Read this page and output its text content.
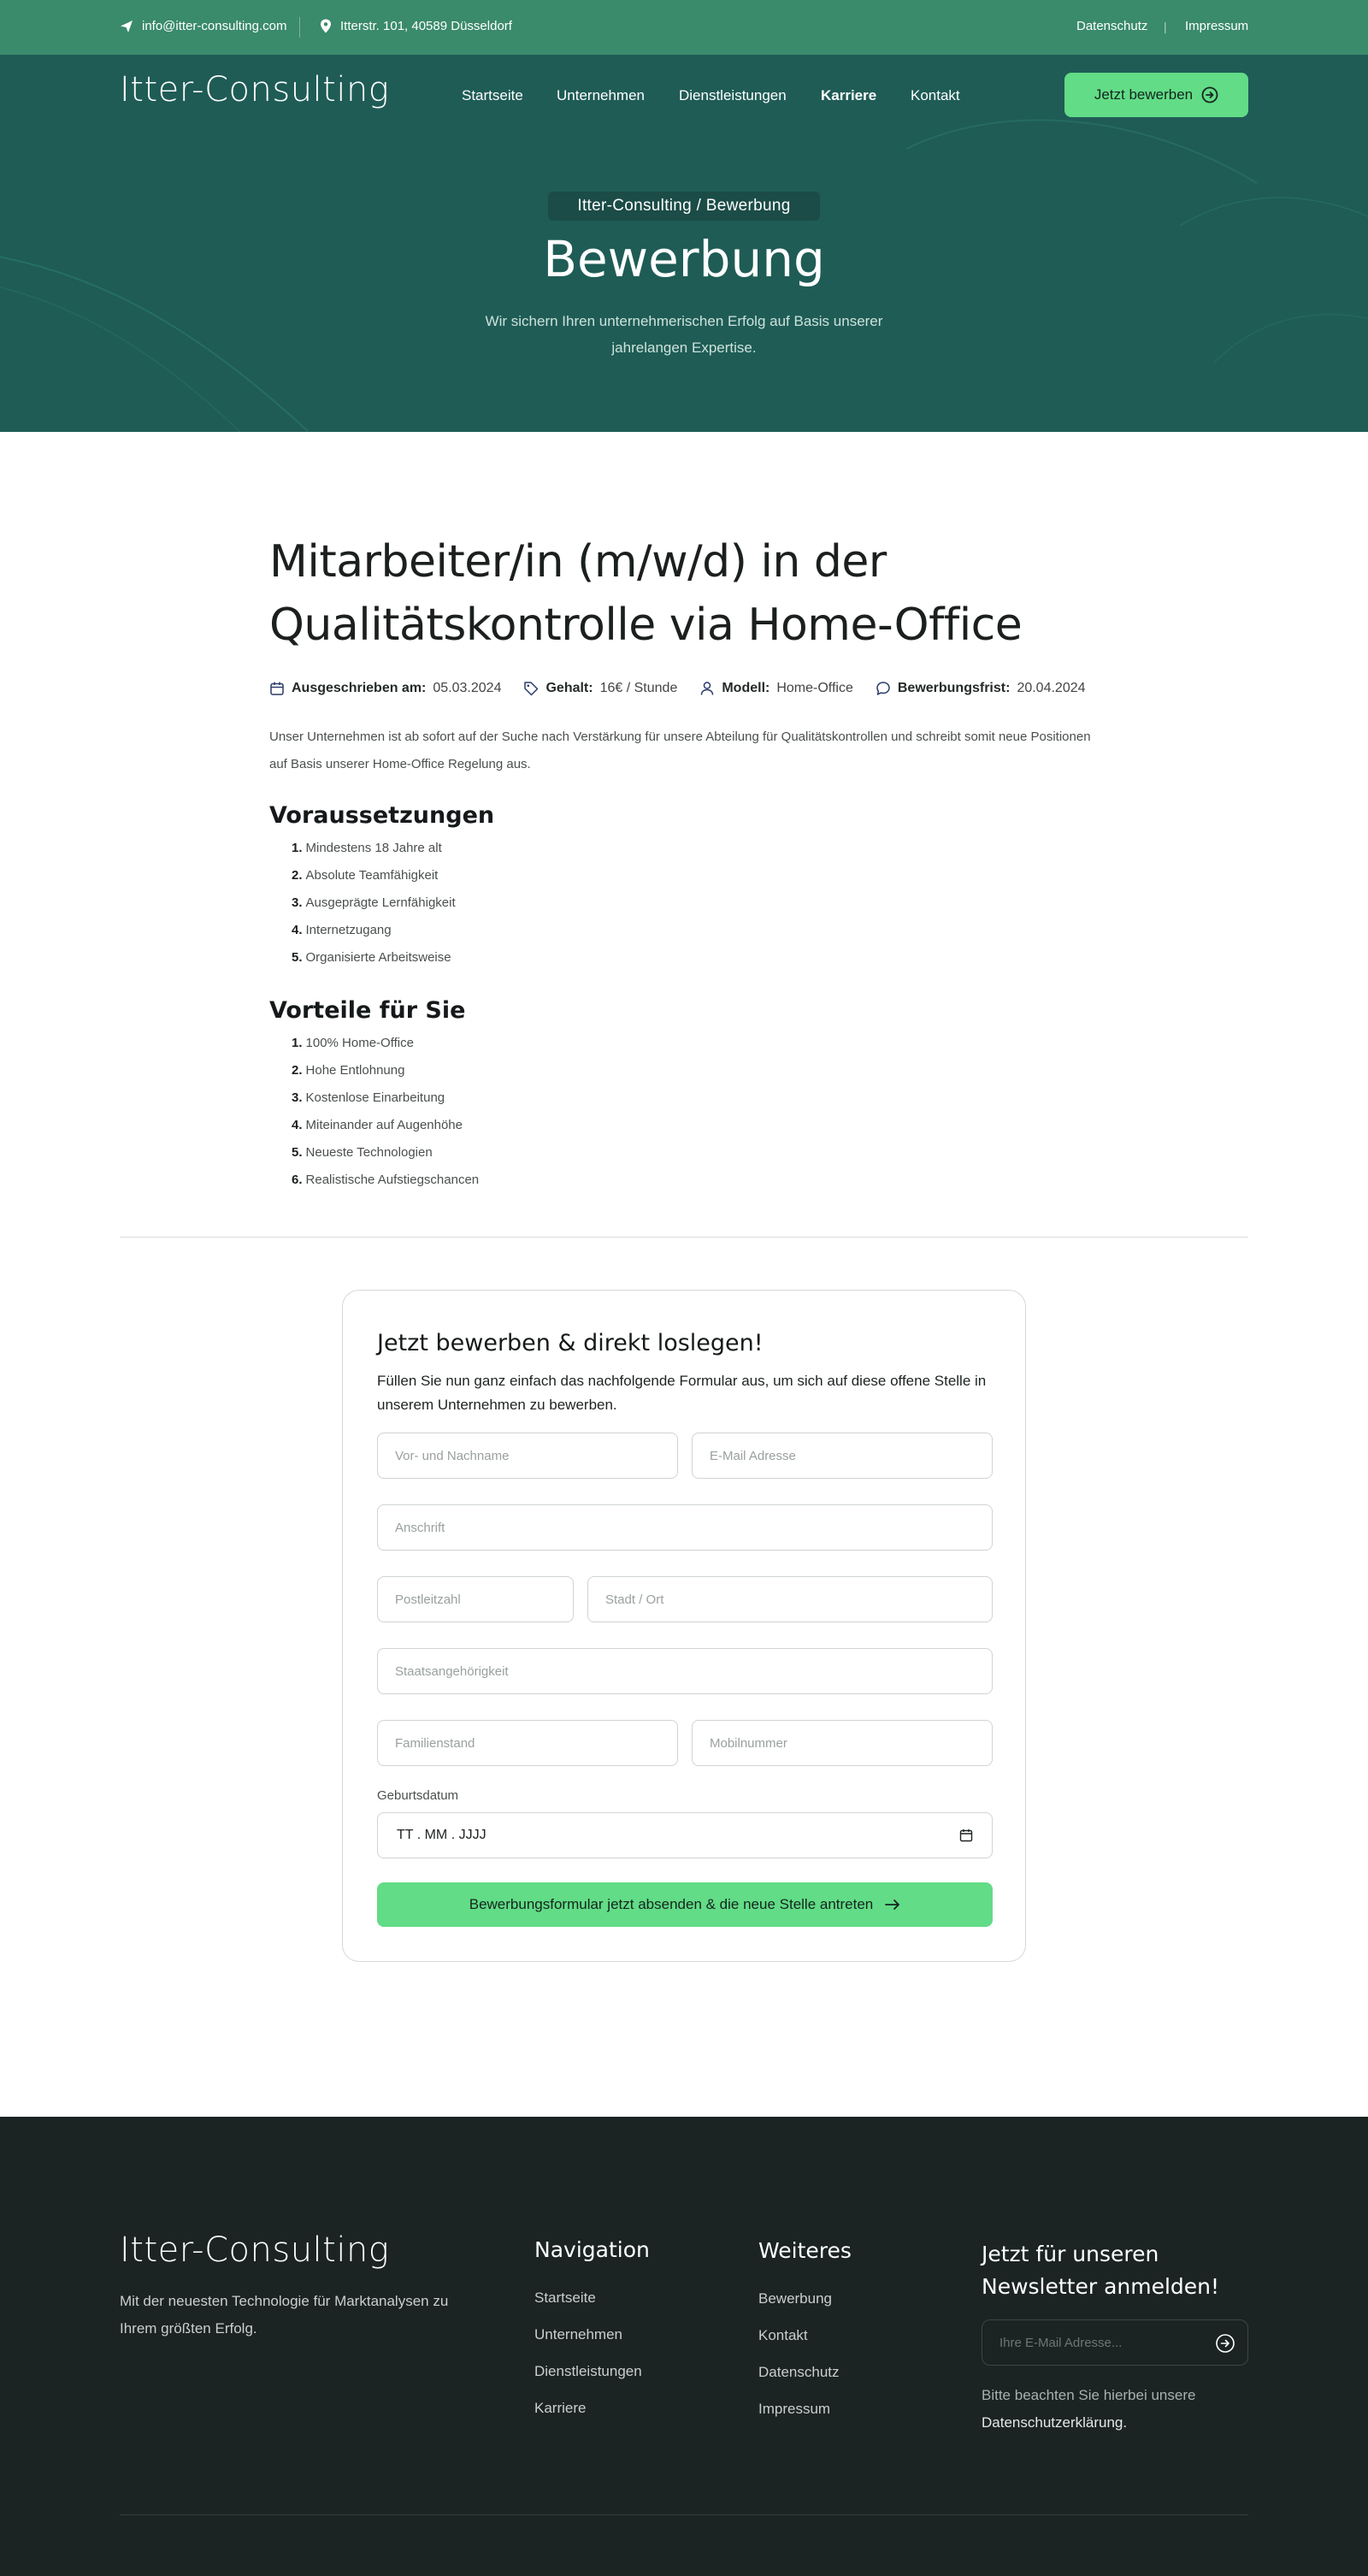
info@itter-consulting.com	Itterstr. 101, 40589 Düsseldorf	Datenschutz | Impressum
Itter-Consulting	Startseite Unternehmen Dienstleistungen Karriere Kontakt	Jetzt bewerben
Itter-Consulting / Bewerbung
Bewerbung
Wir sichern Ihren unternehmerischen Erfolg auf Basis unserer jahrelangen Expertise.
Mitarbeiter/in (m/w/d) in der Qualitätskontrolle via Home-Office
Ausgeschrieben am: 05.03.2024	Gehalt: 16€ / Stunde	Modell: Home-Office	Bewerbungsfrist: 20.04.2024

Unser Unternehmen ist ab sofort auf der Suche nach Verstärkung für unsere Abteilung für Qualitätskontrollen und schreibt somit neue Positionen auf Basis unserer Home-Office Regelung aus.

Voraussetzungen
1. Mindestens 18 Jahre alt
2. Absolute Teamfähigkeit
3. Ausgeprägte Lernfähigkeit
4. Internetzugang
5. Organisierte Arbeitsweise
Vorteile für Sie
1. 100% Home-Office
2. Hohe Entlohnung
3. Kostenlose Einarbeitung
4. Miteinander auf Augenhöhe
5. Neueste Technologien
6. Realistische Aufstiegschancen
Jetzt bewerben & direkt loslegen!

Füllen Sie nun ganz einfach das nachfolgende Formular aus, um sich auf diese offene Stelle in unserem Unternehmen zu bewerben.

Vor- und Nachname
E-Mail Adresse
Anschrift
Postleitzahl
Stadt / Ort
Staatsangehörigkeit
Familienstand
Mobilnummer
Geburtsdatum
TT . MM . JJJJ
Bewerbungsformular jetzt absenden & die neue Stelle antreten
Itter-Consulting

Mit der neuesten Technologie für Marktanalysen zu Ihrem größten Erfolg.

Navigation
Startseite
Unternehmen
Dienstleistungen
Karriere
Weiteres
Bewerbung
Kontakt
Datenschutz
Impressum
Jetzt für unseren Newsletter anmelden!
Ihre E-Mail Adresse...

Bitte beachten Sie hierbei unsere
Datenschutzerklärung.
